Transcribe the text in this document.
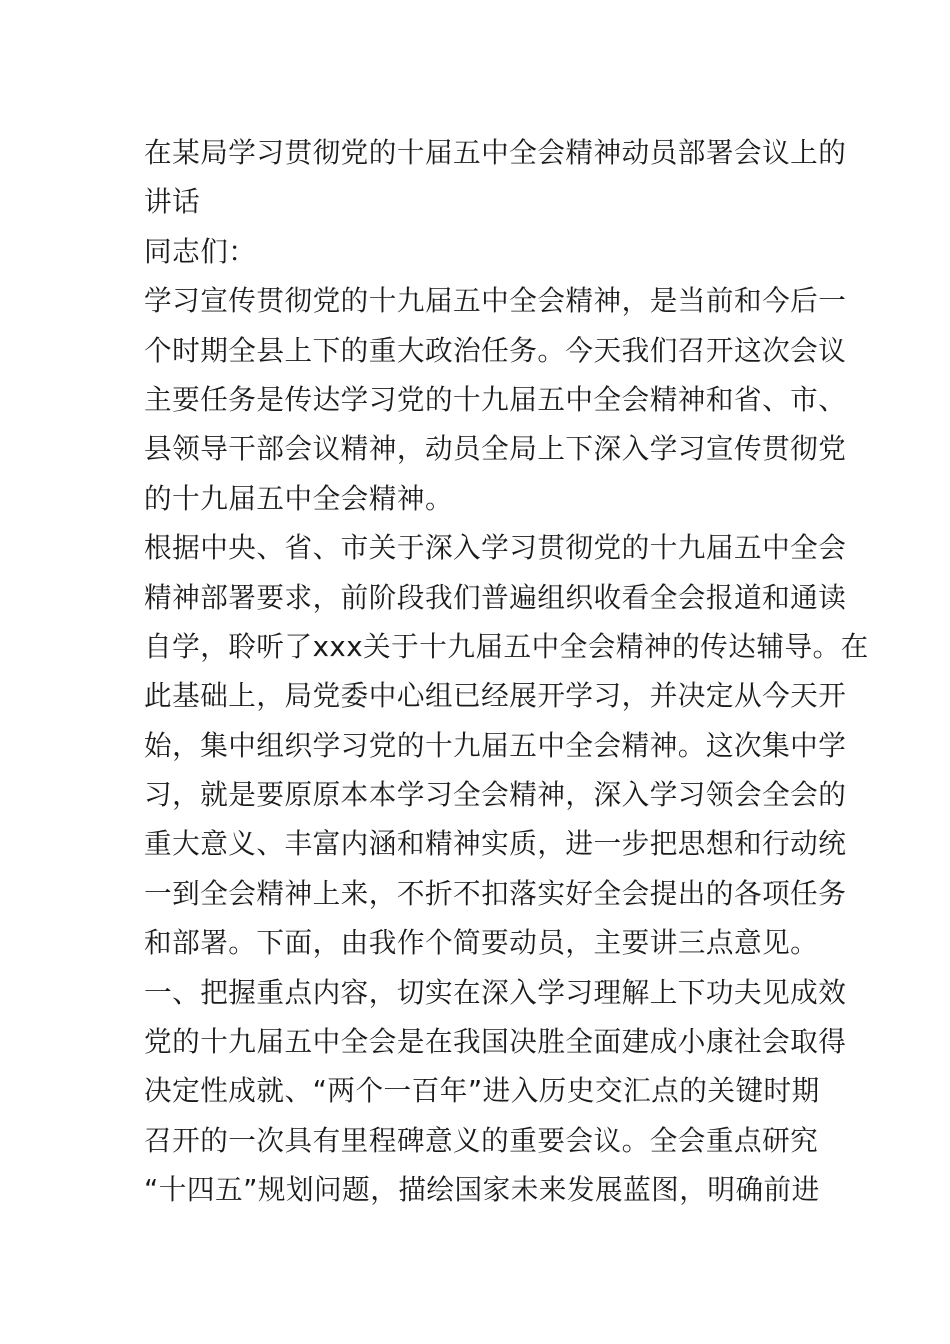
在某局学习贯彻党的十届五中全会精神动员部署会议上的
讲话
同志们：
学习宣传贯彻党的十九届五中全会精神，是当前和今后一
个时期全县上下的重大政治任务。今天我们召开这次会议
主要任务是传达学习党的十九届五中全会精神和省、市、
县领导干部会议精神，动员全局上下深入学习宣传贯彻党
的十九届五中全会精神。
根据中央、省、市关于深入学习贯彻党的十九届五中全会
精神部署要求，前阶段我们普遍组织收看全会报道和通读
自学，聆听了xxx关于十九届五中全会精神的传达辅导。在
此基础上，局党委中心组已经展开学习，并决定从今天开
始，集中组织学习党的十九届五中全会精神。这次集中学
习，就是要原原本本学习全会精神，深入学习领会全会的
重大意义、丰富内涵和精神实质，进一步把思想和行动统
一到全会精神上来，不折不扣落实好全会提出的各项任务
和部署。下面，由我作个简要动员，主要讲三点意见。
一、把握重点内容，切实在深入学习理解上下功夫见成效
党的十九届五中全会是在我国决胜全面建成小康社会取得
决定性成就、“两个一百年”进入历史交汇点的关键时期
召开的一次具有里程碑意义的重要会议。全会重点研究
“十四五”规划问题，描绘国家未来发展蓝图，明确前进
